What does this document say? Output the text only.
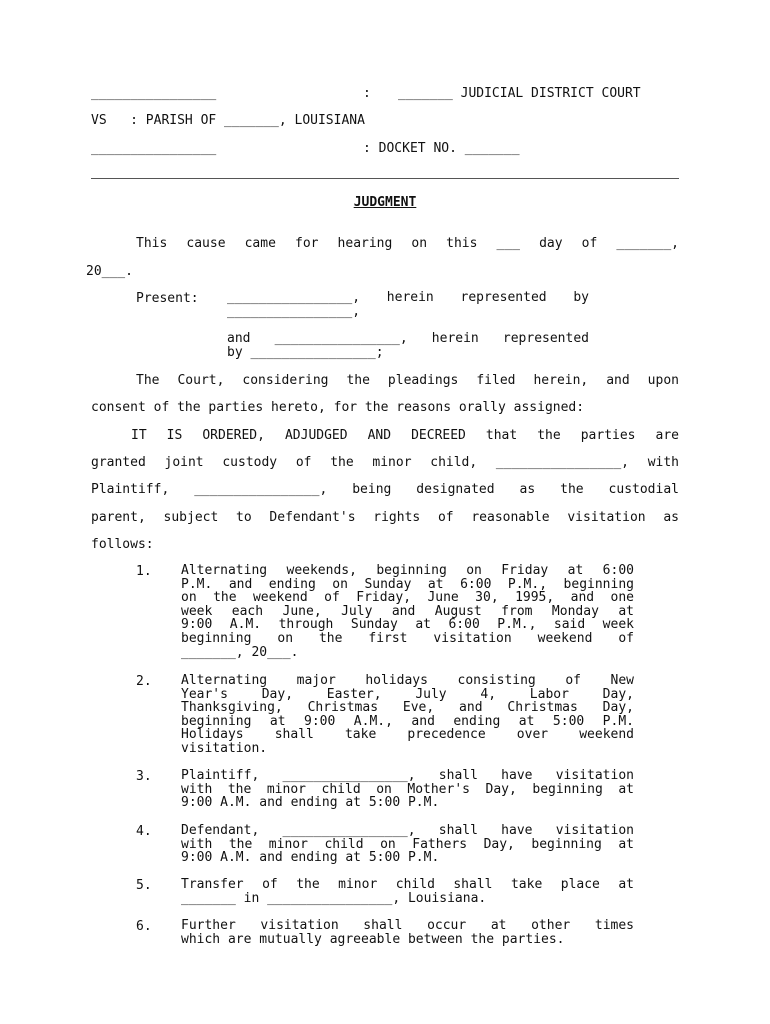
________________	: _______ JUDICIAL DISTRICT COURT
VS   : PARISH OF _______, LOUISIANA
________________	: DOCKET NO. _______
JUDGMENT
This cause came for hearing on this ___ day of _______,
20___.
Present: ________________, herein represented by
________________,
and ________________, herein represented
by ________________;
The Court, considering the pleadings filed herein, and upon
consent of the parties hereto, for the reasons orally assigned:
IT IS ORDERED, ADJUDGED AND DECREED that the parties are
granted joint custody of the minor child, ________________, with
Plaintiff, ________________, being designated as the custodial
parent, subject to Defendant's rights of reasonable visitation as
follows:
1. Alternating weekends, beginning on Friday at 6:00
P.M. and ending on Sunday at 6:00 P.M., beginning
on the weekend of Friday, June 30, 1995, and one
week each June, July and August from Monday at
9:00 A.M. through Sunday at 6:00 P.M., said week
beginning on the first visitation weekend of
_______, 20___.
2. Alternating major holidays consisting of New
Year's Day, Easter, July 4, Labor Day,
Thanksgiving, Christmas Eve, and Christmas Day,
beginning at 9:00 A.M., and ending at 5:00 P.M.
Holidays shall take precedence over weekend
visitation.
3. Plaintiff, ________________, shall have visitation
with the minor child on Mother's Day, beginning at
9:00 A.M. and ending at 5:00 P.M.
4. Defendant, ________________, shall have visitation
with the minor child on Fathers Day, beginning at
9:00 A.M. and ending at 5:00 P.M.
5. Transfer of the minor child shall take place at
_______ in ________________, Louisiana.
6. Further visitation shall occur at other times
which are mutually agreeable between the parties.
